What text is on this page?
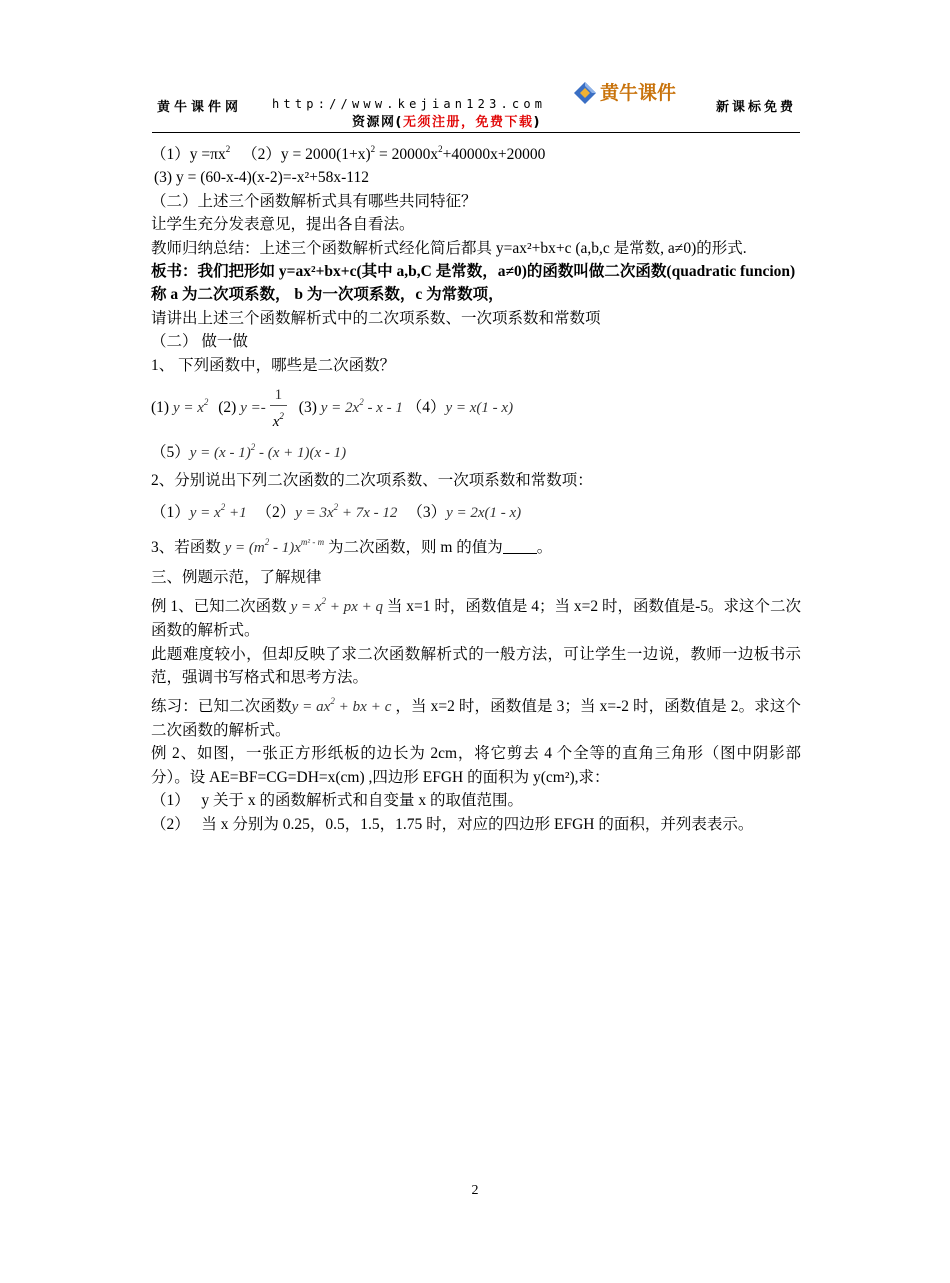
黄牛课件网 http://www.kejian123.com	黄牛课件
新课标免费
资源网(无须注册，免费下载)
$(1)y =\pi x^2$ $(2)y = 2000(1+x)^2 = 20000x^2+40000x+20000$
(3) y = (60-x-4)(x-2)=-x²+58x-112
（二）上述三个函数解析式具有哪些共同特征？
让学生充分发表意见，提出各自看法。
教师归纳总结：上述三个函数解析式经化简后都具 y=ax²+bx+c (a,b,c 是常数, a≠0)的形式.
板书：我们把形如 y=ax²+bx+c(其中 a,b,C 是常数，a≠0)的函数叫做二次函数(quadratic funcion)
称 a 为二次项系数， b 为一次项系数，c 为常数项，
请讲出上述三个函数解析式中的二次项系数、一次项系数和常数项
（二） 做一做
1、 下列函数中，哪些是二次函数？
(1) $y = x^2$ (2) $y =- \frac{1}{x^2} (3) y = 2x^2 - x - 1$ （4）y = x(1 - x)
（5）y = (x - 1)$^2$ - (x + 1)(x - 1)
2、分别说出下列二次函数的二次项系数、一次项系数和常数项：
$(1)y = x^2 +1$ $(2)y = 3x^2 + 7x - 12$ （3）y = 2x(1 - x)
3、若函数 $y = (m^2 - 1)x^{m^2 - m}$ 为二次函数，则 m 的值为 。
三、例题示范，了解规律
例 1、已知二次函数 $y = x^2$ + px + q 当 x=1 时，函数值是 4；当 x=2 时，函数值是-5。求这个二次函数的解析式。
此题难度较小，但却反映了求二次函数解析式的一般方法，可让学生一边说，教师一边板书示范，强调书写格式和思考方法。
练习：已知二次函数$y = ax^2$ + bx + c ，当 x=2 时，函数值是 3；当 x=-2 时，函数值是 2。求这个二次函数的解析式。
例 2、如图，一张正方形纸板的边长为 2cm，将它剪去 4 个全等的直角三角形（图中阴影部分）。设 AE=BF=CG=DH=x(cm) ,四边形 EFGH 的面积为 y(cm²),求：
（1）   y 关于 x 的函数解析式和自变量 x 的取值范围。
（2）   当 x 分别为 0.25，0.5，1.5，1.75 时，对应的四边形 EFGH 的面积，并列表表示。
2
